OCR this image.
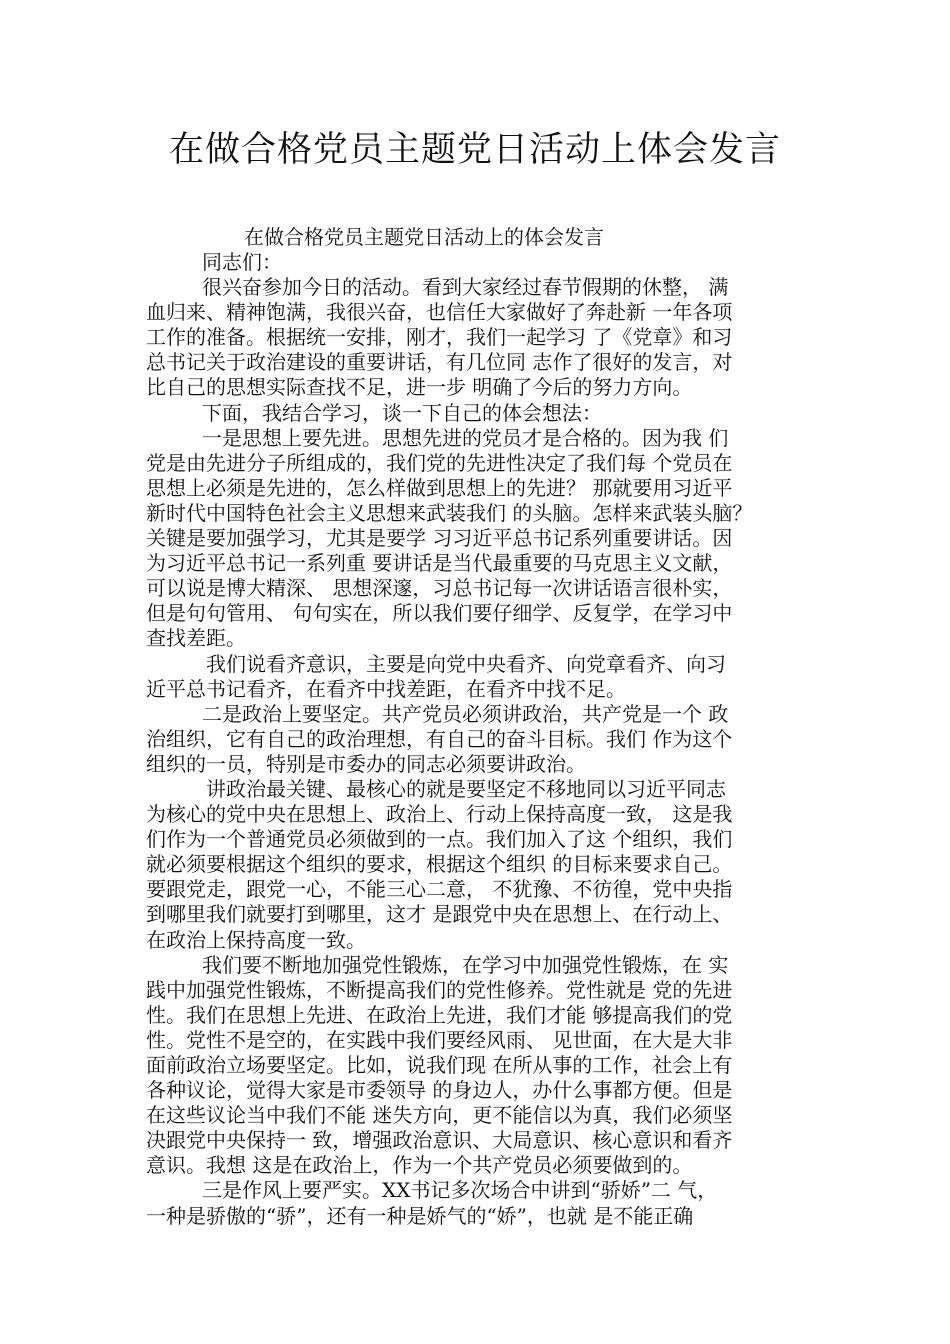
在做合格党员主题党日活动上体会发言

在做合格党员主题党日活动上的体会发言

同志们：

很兴奋参加今日的活动。看到大家经过春节假期的休整， 满

血归来、精神饱满，我很兴奋，也信任大家做好了奔赴新 一年各项

工作的准备。根据统一安排，刚才，我们一起学习 了《党章》和习

总书记关于政治建设的重要讲话，有几位同 志作了很好的发言，对

比自己的思想实际查找不足，进一步 明确了今后的努力方向。

下面，我结合学习，谈一下自己的体会想法：

一是思想上要先进。思想先进的党员才是合格的。因为我 们

党是由先进分子所组成的，我们党的先进性决定了我们每 个党员在

思想上必须是先进的，怎么样做到思想上的先进？ 那就要用习近平

新时代中国特色社会主义思想来武装我们 的头脑。怎样来武装头脑？

关键是要加强学习，尤其是要学 习习近平总书记系列重要讲话。因

为习近平总书记一系列重 要讲话是当代最重要的马克思主义文献，

可以说是博大精深、 思想深邃，习总书记每一次讲话语言很朴实，

但是句句管用、 句句实在，所以我们要仔细学、反复学，在学习中

查找差距。

我们说看齐意识，主要是向党中央看齐、向党章看齐、向习

近平总书记看齐，在看齐中找差距，在看齐中找不足。

二是政治上要坚定。共产党员必须讲政治，共产党是一个 政

治组织，它有自己的政治理想，有自己的奋斗目标。我们 作为这个

组织的一员，特别是市委办的同志必须要讲政治。

讲政治最关键、最核心的就是要坚定不移地同以习近平同志

为核心的党中央在思想上、政治上、行动上保持高度一致， 这是我

们作为一个普通党员必须做到的一点。我们加入了这 个组织，我们

就必须要根据这个组织的要求，根据这个组织 的目标来要求自己。

要跟党走，跟党一心，不能三心二意， 不犹豫、不彷徨，党中央指

到哪里我们就要打到哪里，这才 是跟党中央在思想上、在行动上、

在政治上保持高度一致。

我们要不断地加强党性锻炼，在学习中加强党性锻炼，在 实

践中加强党性锻炼，不断提高我们的党性修养。党性就是 党的先进

性。我们在思想上先进、在政治上先进，我们才能 够提高我们的党

性。党性不是空的，在实践中我们要经风雨、 见世面，在大是大非

面前政治立场要坚定。比如，说我们现 在所从事的工作，社会上有

各种议论，觉得大家是市委领导 的身边人，办什么事都方便。但是

在这些议论当中我们不能 迷失方向，更不能信以为真，我们必须坚

决跟党中央保持一 致，增强政治意识、大局意识、核心意识和看齐

意识。我想 这是在政治上，作为一个共产党员必须要做到的。

三是作风上要严实。XX书记多次场合中讲到“骄娇”二 气，

一种是骄傲的“骄”，还有一种是娇气的“娇”，也就 是不能正确
